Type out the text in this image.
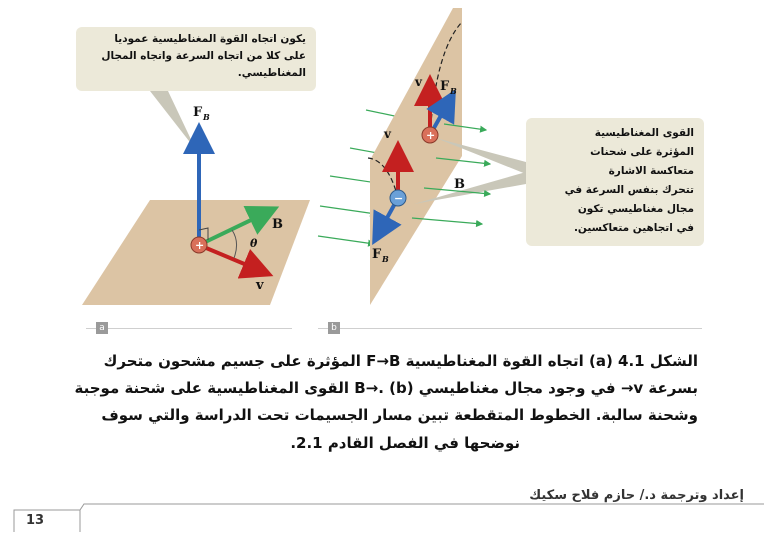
+
F B
B
θ
v
+
−
v F B
v
B
F B
يكون اتجاه القوة المغناطيسية عموديا
على كلا من اتجاه السرعة واتجاه المجال
المغناطيسي.
القوى المغناطيسية
المؤثرة على شحنات
متعاكسة الاشارة
تتحرك بنفس السرعة في
مجال مغناطيسي تكون
في اتجاهين متعاكسين.
a	b
الشكل 4.1 (a) اتجاه القوة المغناطيسية F→B المؤثرة على جسيم مشحون متحرك
بسرعة v→ في وجود مجال مغناطيسي B→. (b) القوى المغناطيسية على شحنة موجبة
وشحنة سالبة. الخطوط المتقطعة تبين مسار الجسيمات تحت الدراسة والتي سوف
نوضحها في الفصل القادم 2.1.
إعداد وترجمة د./ حازم فلاح سكيك
13
